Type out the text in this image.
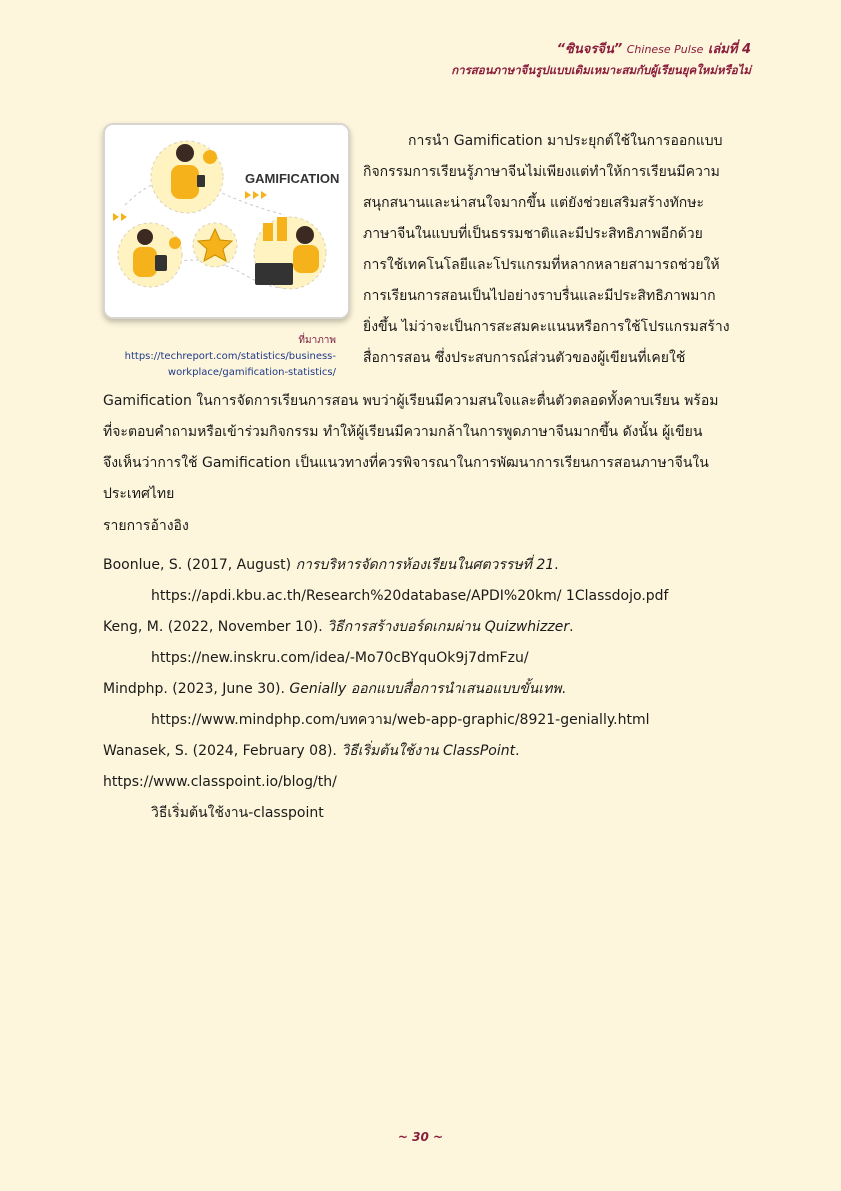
“ซินจรจีน” Chinese Pulse เล่มที่ 4
การสอนภาษาจีนรูปแบบเดิมเหมาะสมกับผู้เรียนยุคใหม่หรือไม่
GAMIFICATION
ที่มาภาพ https://techreport.com/statistics/business-workplace/gamification-statistics/

การนำ Gamification มาประยุกต์ใช้ในการออกแบบ

กิจกรรมการเรียนรู้ภาษาจีนไม่เพียงแต่ทำให้การเรียนมีความ

สนุกสนานและน่าสนใจมากขึ้น แต่ยังช่วยเสริมสร้างทักษะ

ภาษาจีนในแบบที่เป็นธรรมชาติและมีประสิทธิภาพอีกด้วย

การใช้เทคโนโลยีและโปรแกรมที่หลากหลายสามารถช่วยให้

การเรียนการสอนเป็นไปอย่างราบรื่นและมีประสิทธิภาพมาก

ยิ่งขึ้น ไม่ว่าจะเป็นการสะสมคะแนนหรือการใช้โปรแกรมสร้าง

สื่อการสอน ซึ่งประสบการณ์ส่วนตัวของผู้เขียนที่เคยใช้

Gamification ในการจัดการเรียนการสอน พบว่าผู้เรียนมีความสนใจและตื่นตัวตลอดทั้งคาบเรียน พร้อม

ที่จะตอบคำถามหรือเข้าร่วมกิจกรรม ทำให้ผู้เรียนมีความกล้าในการพูดภาษาจีนมากขึ้น ดังนั้น ผู้เขียน

จึงเห็นว่าการใช้ Gamification เป็นแนวทางที่ควรพิจารณาในการพัฒนาการเรียนการสอนภาษาจีนใน

ประเทศไทย

รายการอ้างอิง

Boonlue, S. (2017, August) การบริหารจัดการห้องเรียนในศตวรรษที่ 21.
https://apdi.kbu.ac.th/Research%20database/APDI%20km/ 1Classdojo.pdf

Keng, M. (2022, November 10). วิธีการสร้างบอร์ดเกมผ่าน Quizwhizzer.
https://new.inskru.com/idea/-Mo70cBYquOk9j7dmFzu/

Mindphp. (2023, June 30). Genially ออกแบบสื่อการนำเสนอแบบขั้นเทพ.
https://www.mindphp.com/บทความ/web-app-graphic/8921-genially.html

Wanasek, S. (2024, February 08). วิธีเริ่มต้นใช้งาน ClassPoint. https://www.classpoint.io/blog/th/
วิธีเริ่มต้นใช้งาน-classpoint

~ 30 ~
